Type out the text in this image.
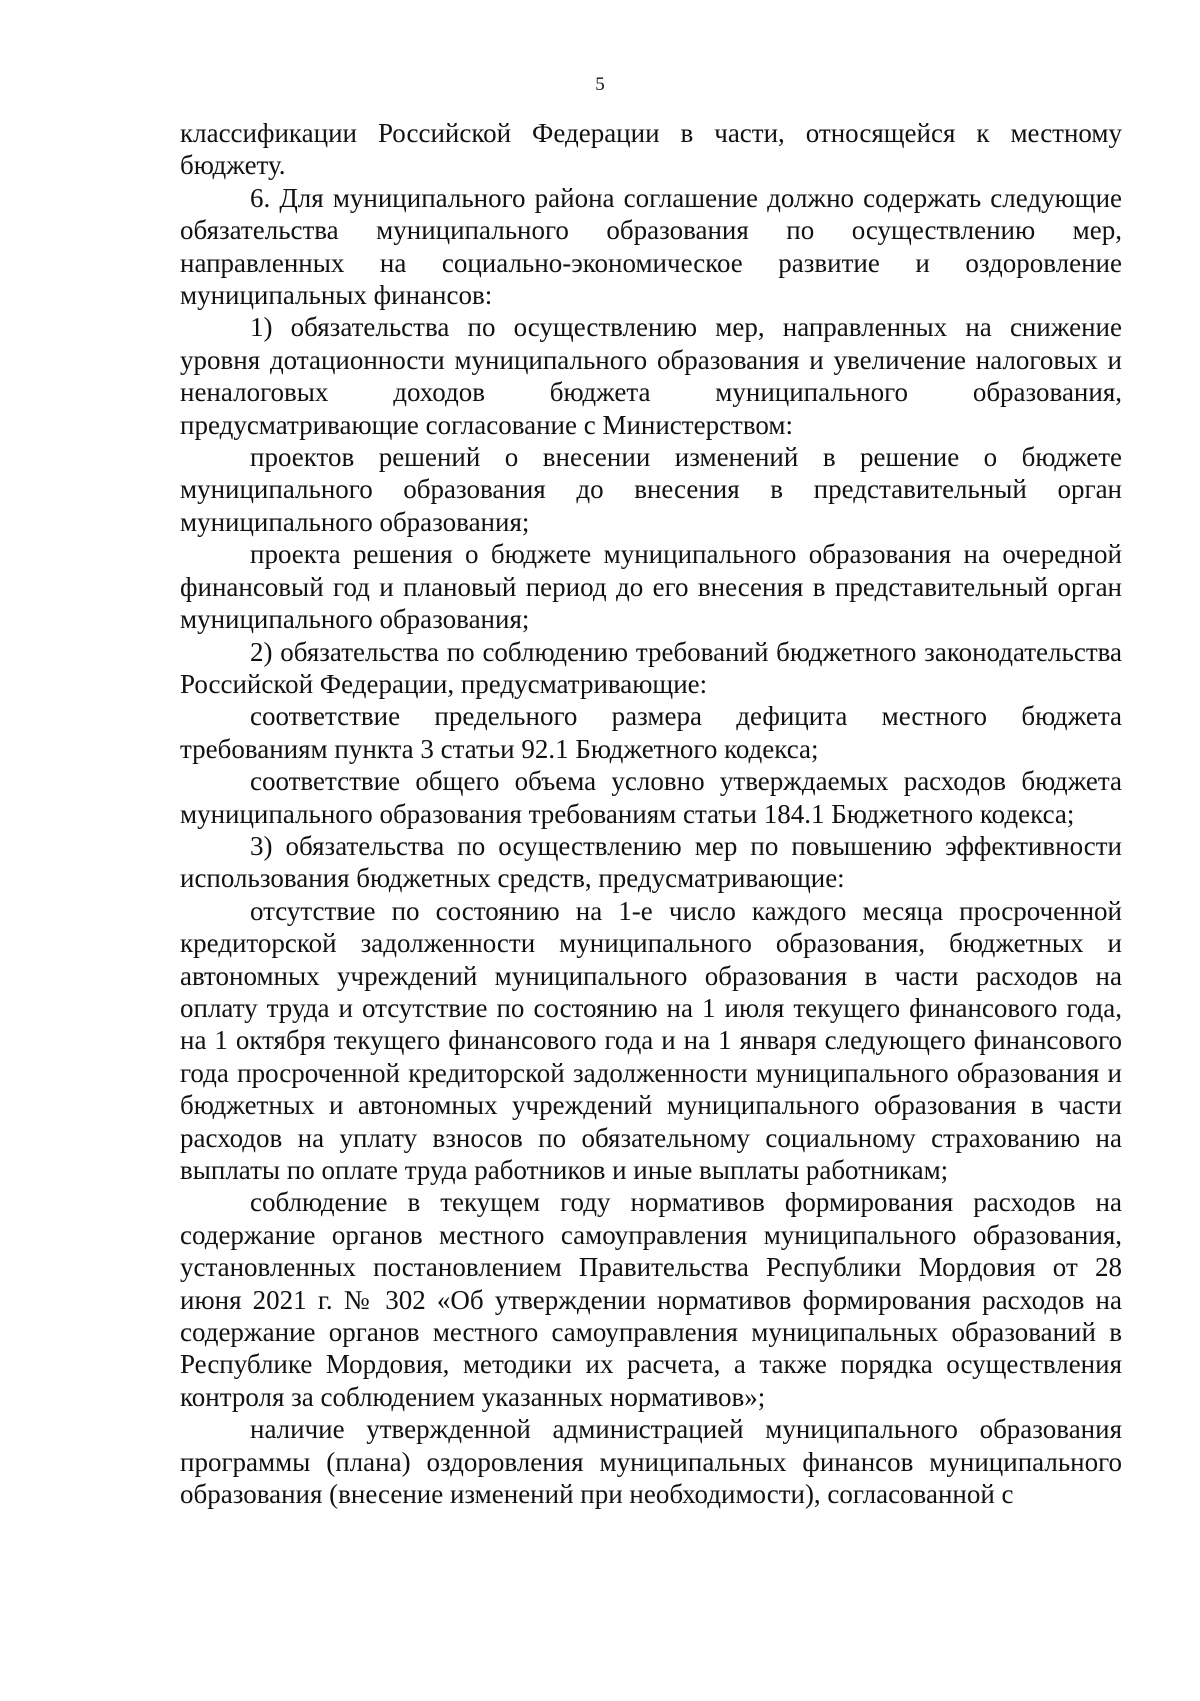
5

классификации Российской Федерации в части, относящейся к местному бюджету.

6. Для муниципального района соглашение должно содержать следующие обязательства муниципального образования по осуществлению мер, направленных на социально-экономическое развитие и оздоровление муниципальных финансов:

1) обязательства по осуществлению мер, направленных на снижение уровня дотационности муниципального образования и увеличение налоговых и неналоговых доходов бюджета муниципального образования, предусматривающие согласование с Министерством:

проектов решений о внесении изменений в решение о бюджете муниципального образования до внесения в представительный орган муниципального образования;

проекта решения о бюджете муниципального образования на очередной финансовый год и плановый период до его внесения в представительный орган муниципального образования;

2) обязательства по соблюдению требований бюджетного законодательства Российской Федерации, предусматривающие:

соответствие предельного размера дефицита местного бюджета требованиям пункта 3 статьи 92.1 Бюджетного кодекса;

соответствие общего объема условно утверждаемых расходов бюджета муниципального образования требованиям статьи 184.1 Бюджетного кодекса;

3) обязательства по осуществлению мер по повышению эффективности использования бюджетных средств, предусматривающие:

отсутствие по состоянию на 1-е число каждого месяца просроченной кредиторской задолженности муниципального образования, бюджетных и автономных учреждений муниципального образования в части расходов на оплату труда и отсутствие по состоянию на 1 июля текущего финансового года, на 1 октября текущего финансового года и на 1 января следующего финансового года просроченной кредиторской задолженности муниципального образования и бюджетных и автономных учреждений муниципального образования в части расходов на уплату взносов по обязательному социальному страхованию на выплаты по оплате труда работников и иные выплаты работникам;

соблюдение в текущем году нормативов формирования расходов на содержание органов местного самоуправления муниципального образования, установленных постановлением Правительства Республики Мордовия от 28 июня 2021 г. № 302 «Об утверждении нормативов формирования расходов на содержание органов местного самоуправления муниципальных образований в Республике Мордовия, методики их расчета, а также порядка осуществления контроля за соблюдением указанных нормативов»;

наличие утвержденной администрацией муниципального образования программы (плана) оздоровления муниципальных финансов муниципального образования (внесение изменений при необходимости), согласованной с
